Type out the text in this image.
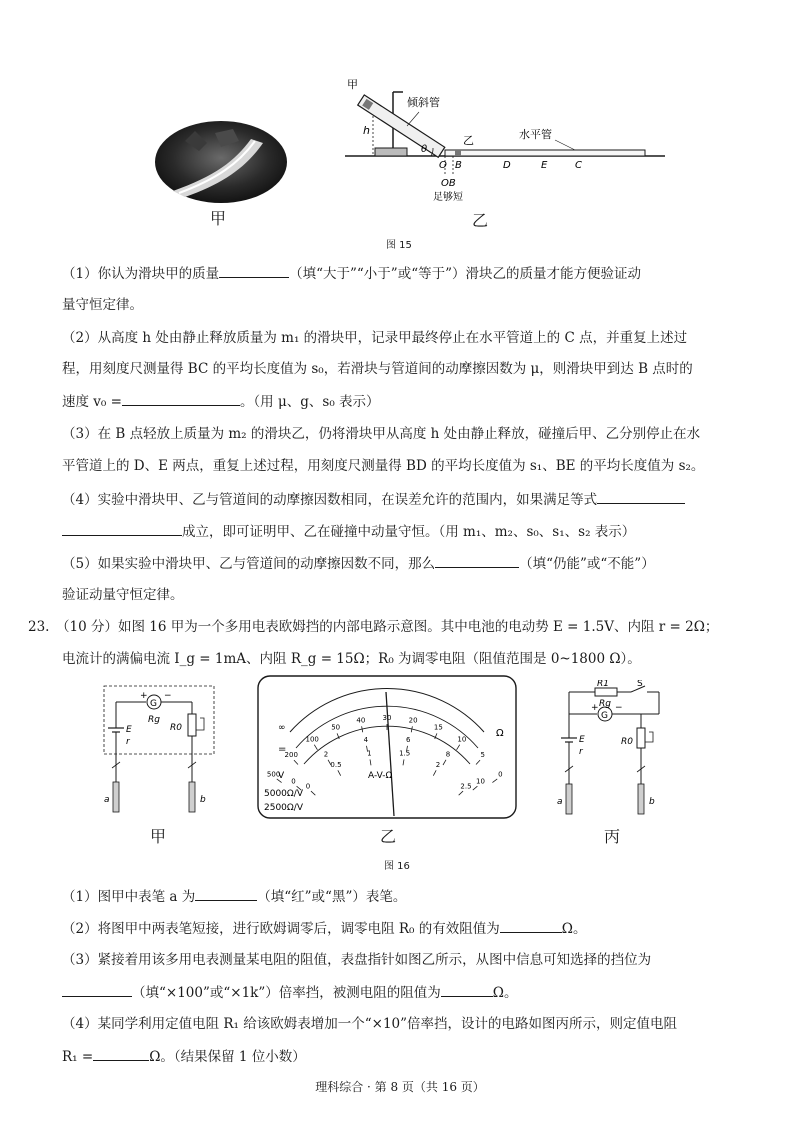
甲
甲
倾斜管
乙	水平管
h
θ
O B	D	E	C
OB
足够短
乙
图 15
（1）你认为滑块甲的质量	（填“大于”“小于”或“等于”）滑块乙的质量才能方便验证动
量守恒定律。
（2）从高度 h 处由静止释放质量为 m₁ 的滑块甲，记录甲最终停止在水平管道上的 C 点，并重复上述过
程，用刻度尺测量得 BC 的平均长度值为 s₀，若滑块与管道间的动摩擦因数为 μ，则滑块甲到达 B 点时的
速度 v₀ =	。（用 μ、g、s₀ 表示）
（3）在 B 点轻放上质量为 m₂ 的滑块乙，仍将滑块甲从高度 h 处由静止释放，碰撞后甲、乙分别停止在水
平管道上的 D、E 两点，重复上述过程，用刻度尺测量得 BD 的平均长度值为 s₁、BE 的平均长度值为 s₂。
（4）实验中滑块甲、乙与管道间的动摩擦因数相同，在误差允许的范围内，如果满足等式
成立，即可证明甲、乙在碰撞中动量守恒。（用 m₁、m₂、s₀、s₁、s₂ 表示）
（5）如果实验中滑块甲、乙与管道间的动摩擦因数不同，那么	（填“仍能”或“不能”）
验证动量守恒定律。
23. （10 分）如图 16 甲为一个多用电表欧姆挡的内部电路示意图。其中电池的电动势 E = 1.5V、内阻 r = 2Ω；
电流计的满偏电流 I_g = 1mA、内阻 R_g = 15Ω；R₀ 为调零电阻（阻值范围是 0~1800 Ω）。
+ −
G
Rg
E
r
R0
a	b
500
200
100
50
40 30 20
15
10
5
0
0
2
4	6
8
10
0
0.5
1	1.5
2
2.5
∞	Ω
=
V	A-V-Ω
5000Ω/V
2500Ω/V
R1	S
G
+ −
Rg
E
r
R0
a	b
甲	乙	丙
图 16
（1）图甲中表笔 a 为	（填“红”或“黑”）表笔。
（2）将图甲中两表笔短接，进行欧姆调零后，调零电阻 R₀ 的有效阻值为	Ω。
（3）紧接着用该多用电表测量某电阻的阻值，表盘指针如图乙所示，从图中信息可知选择的挡位为
（填“×100”或“×1k”）倍率挡，被测电阻的阻值为	Ω。
（4）某同学利用定值电阻 R₁ 给该欧姆表增加一个“×10”倍率挡，设计的电路如图丙所示，则定值电阻
R₁ =	Ω。（结果保留 1 位小数）
理科综合 · 第 8 页（共 16 页）
